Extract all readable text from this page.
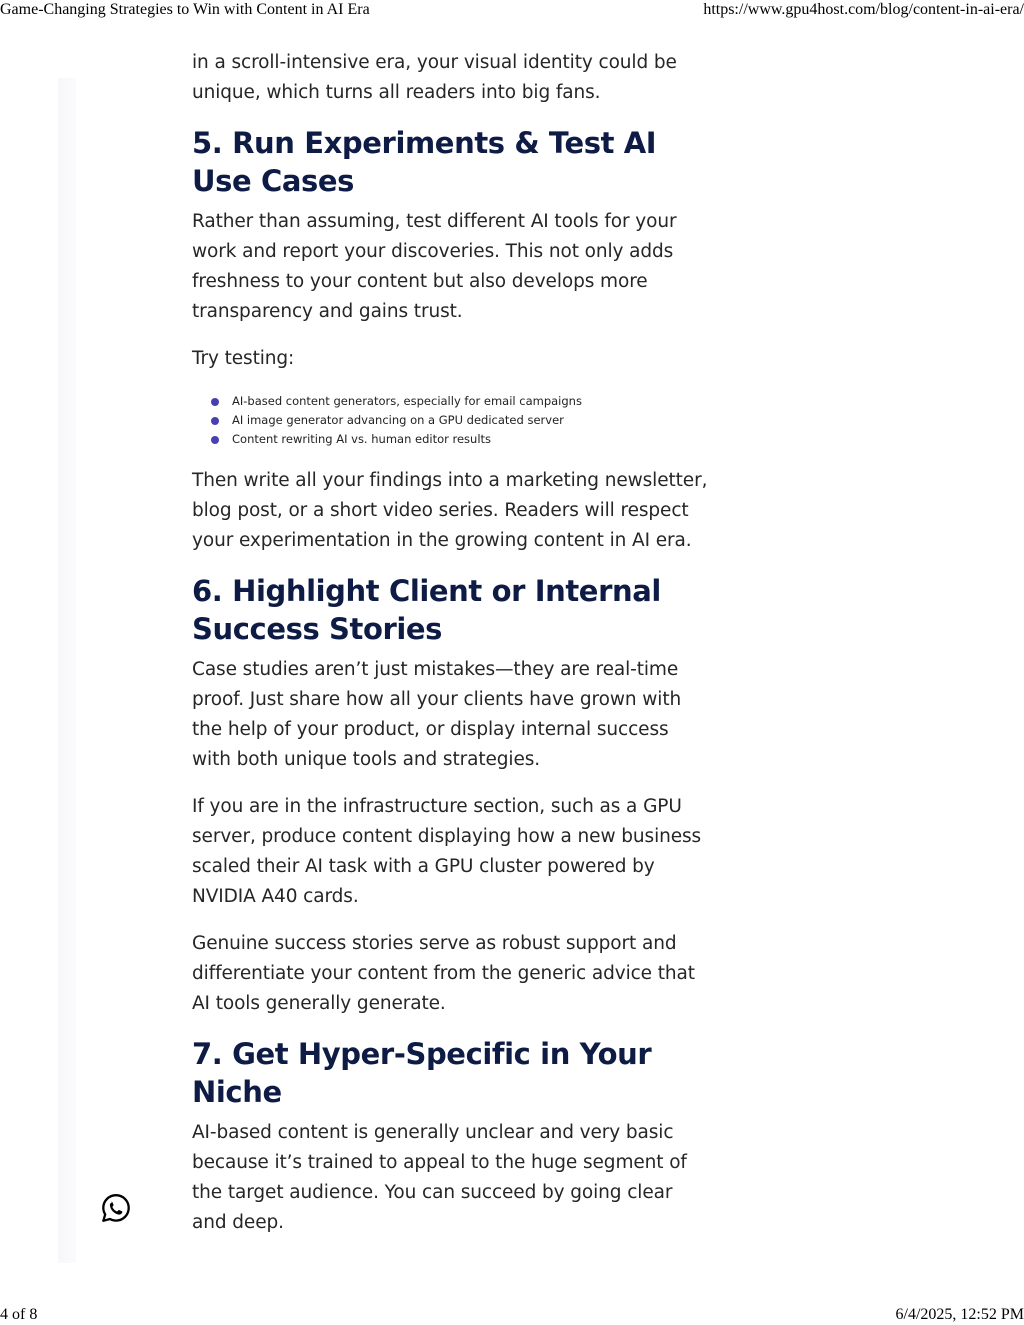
Game-Changing Strategies to Win with Content in AI Era	https://www.gpu4host.com/blog/content-in-ai-era/

in a scroll-intensive era, your visual identity could be unique, which turns all readers into big fans.

5. Run Experiments & Test AI Use Cases

Rather than assuming, test different AI tools for your work and report your discoveries. This not only adds freshness to your content but also develops more transparency and gains trust.

Try testing:

AI-based content generators, especially for email campaigns
AI image generator advancing on a GPU dedicated server
Content rewriting AI vs. human editor results

Then write all your findings into a marketing newsletter, blog post, or a short video series. Readers will respect your experimentation in the growing content in AI era.

6. Highlight Client or Internal Success Stories

Case studies aren’t just mistakes—they are real-time proof. Just share how all your clients have grown with the help of your product, or display internal success with both unique tools and strategies.

If you are in the infrastructure section, such as a GPU server, produce content displaying how a new business scaled their AI task with a GPU cluster powered by NVIDIA A40 cards.

Genuine success stories serve as robust support and differentiate your content from the generic advice that AI tools generally generate.

7. Get Hyper-Specific in Your Niche

AI-based content is generally unclear and very basic because it’s trained to appeal to the huge segment of the target audience. You can succeed by going clear and deep.

4 of 8	6/4/2025, 12:52 PM
